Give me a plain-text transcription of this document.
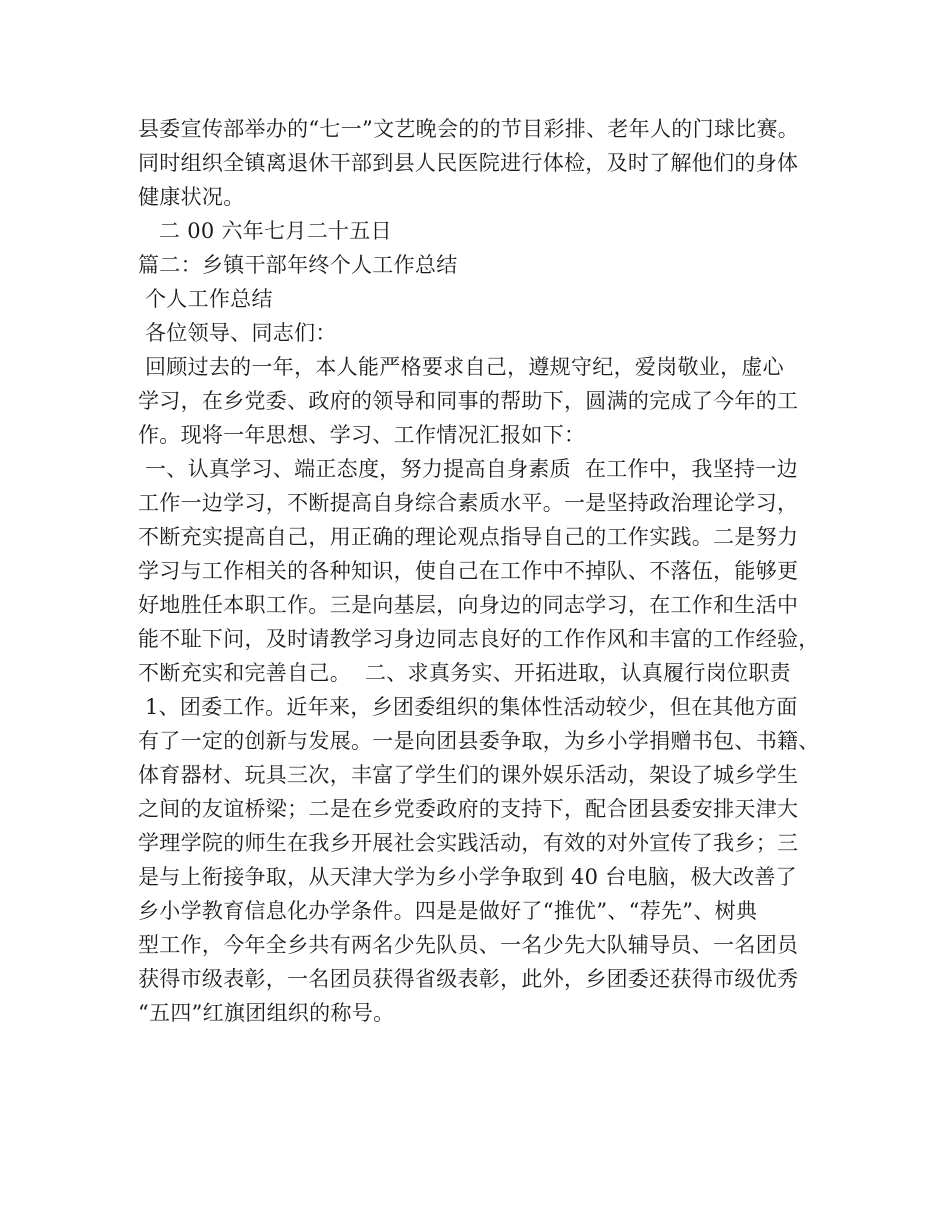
县委宣传部举办的“七一”文艺晚会的的节目彩排、老年人的门球比赛。
同时组织全镇离退休干部到县人民医院进行体检，及时了解他们的身体
健康状况。
二 00 六年七月二十五日
篇二：乡镇干部年终个人工作总结
个人工作总结
各位领导、同志们：
回顾过去的一年，本人能严格要求自己，遵规守纪，爱岗敬业，虚心
学习，在乡党委、政府的领导和同事的帮助下，圆满的完成了今年的工
作。现将一年思想、学习、工作情况汇报如下：
一、认真学习、端正态度，努力提高自身素质  在工作中，我坚持一边
工作一边学习，不断提高自身综合素质水平。一是坚持政治理论学习，
不断充实提高自己，用正确的理论观点指导自己的工作实践。二是努力
学习与工作相关的各种知识，使自己在工作中不掉队、不落伍，能够更
好地胜任本职工作。三是向基层，向身边的同志学习，在工作和生活中
能不耻下问，及时请教学习身边同志良好的工作作风和丰富的工作经验，
不断充实和完善自己。  二、求真务实、开拓进取，认真履行岗位职责
1、团委工作。近年来，乡团委组织的集体性活动较少，但在其他方面
有了一定的创新与发展。一是向团县委争取，为乡小学捐赠书包、书籍、
体育器材、玩具三次，丰富了学生们的课外娱乐活动，架设了城乡学生
之间的友谊桥梁；二是在乡党委政府的支持下，配合团县委安排天津大
学理学院的师生在我乡开展社会实践活动，有效的对外宣传了我乡；三
是与上衔接争取，从天津大学为乡小学争取到 40 台电脑，极大改善了
乡小学教育信息化办学条件。四是是做好了“推优”、“荐先”、树典
型工作，今年全乡共有两名少先队员、一名少先大队辅导员、一名团员
获得市级表彰，一名团员获得省级表彰，此外，乡团委还获得市级优秀
“五四”红旗团组织的称号。
